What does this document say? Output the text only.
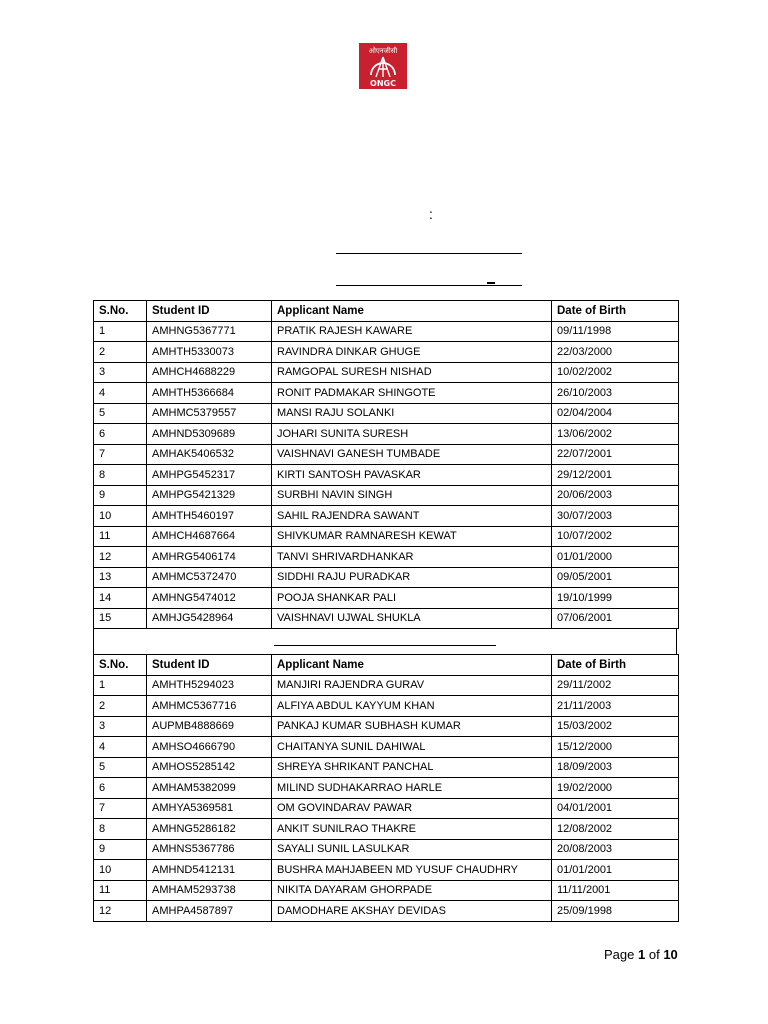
ओएनजीसी
ONGC
:
S.No.	Student ID	Applicant Name	Date of Birth
1	AMHNG5367771	PRATIK RAJESH KAWARE	09/11/1998
2	AMHTH5330073	RAVINDRA DINKAR GHUGE	22/03/2000
3	AMHCH4688229	RAMGOPAL SURESH NISHAD	10/02/2002
4	AMHTH5366684	RONIT PADMAKAR SHINGOTE	26/10/2003
5	AMHMC5379557	MANSI RAJU SOLANKI	02/04/2004
6	AMHND5309689	JOHARI SUNITA SURESH	13/06/2002
7	AMHAK5406532	VAISHNAVI GANESH TUMBADE	22/07/2001
8	AMHPG5452317	KIRTI SANTOSH PAVASKAR	29/12/2001
9	AMHPG5421329	SURBHI NAVIN SINGH	20/06/2003
10	AMHTH5460197	SAHIL RAJENDRA SAWANT	30/07/2003
11	AMHCH4687664	SHIVKUMAR RAMNARESH KEWAT	10/07/2002
12	AMHRG5406174	TANVI SHRIVARDHANKAR	01/01/2000
13	AMHMC5372470	SIDDHI RAJU PURADKAR	09/05/2001
14	AMHNG5474012	POOJA SHANKAR PALI	19/10/1999
15	AMHJG5428964	VAISHNAVI UJWAL SHUKLA	07/06/2001
S.No.	Student ID	Applicant Name	Date of Birth
1	AMHTH5294023	MANJIRI RAJENDRA GURAV	29/11/2002
2	AMHMC5367716	ALFIYA ABDUL KAYYUM KHAN	21/11/2003
3	AUPMB4888669	PANKAJ KUMAR SUBHASH KUMAR	15/03/2002
4	AMHSO4666790	CHAITANYA SUNIL DAHIWAL	15/12/2000
5	AMHOS5285142	SHREYA SHRIKANT PANCHAL	18/09/2003
6	AMHAM5382099	MILIND SUDHAKARRAO HARLE	19/02/2000
7	AMHYA5369581	OM GOVINDARAV PAWAR	04/01/2001
8	AMHNG5286182	ANKIT SUNILRAO THAKRE	12/08/2002
9	AMHNS5367786	SAYALI SUNIL LASULKAR	20/08/2003
10	AMHND5412131	BUSHRA MAHJABEEN MD YUSUF CHAUDHRY	01/01/2001
11	AMHAM5293738	NIKITA DAYARAM GHORPADE	11/11/2001
12	AMHPA4587897	DAMODHARE AKSHAY DEVIDAS	25/09/1998
Page 1 of 10
